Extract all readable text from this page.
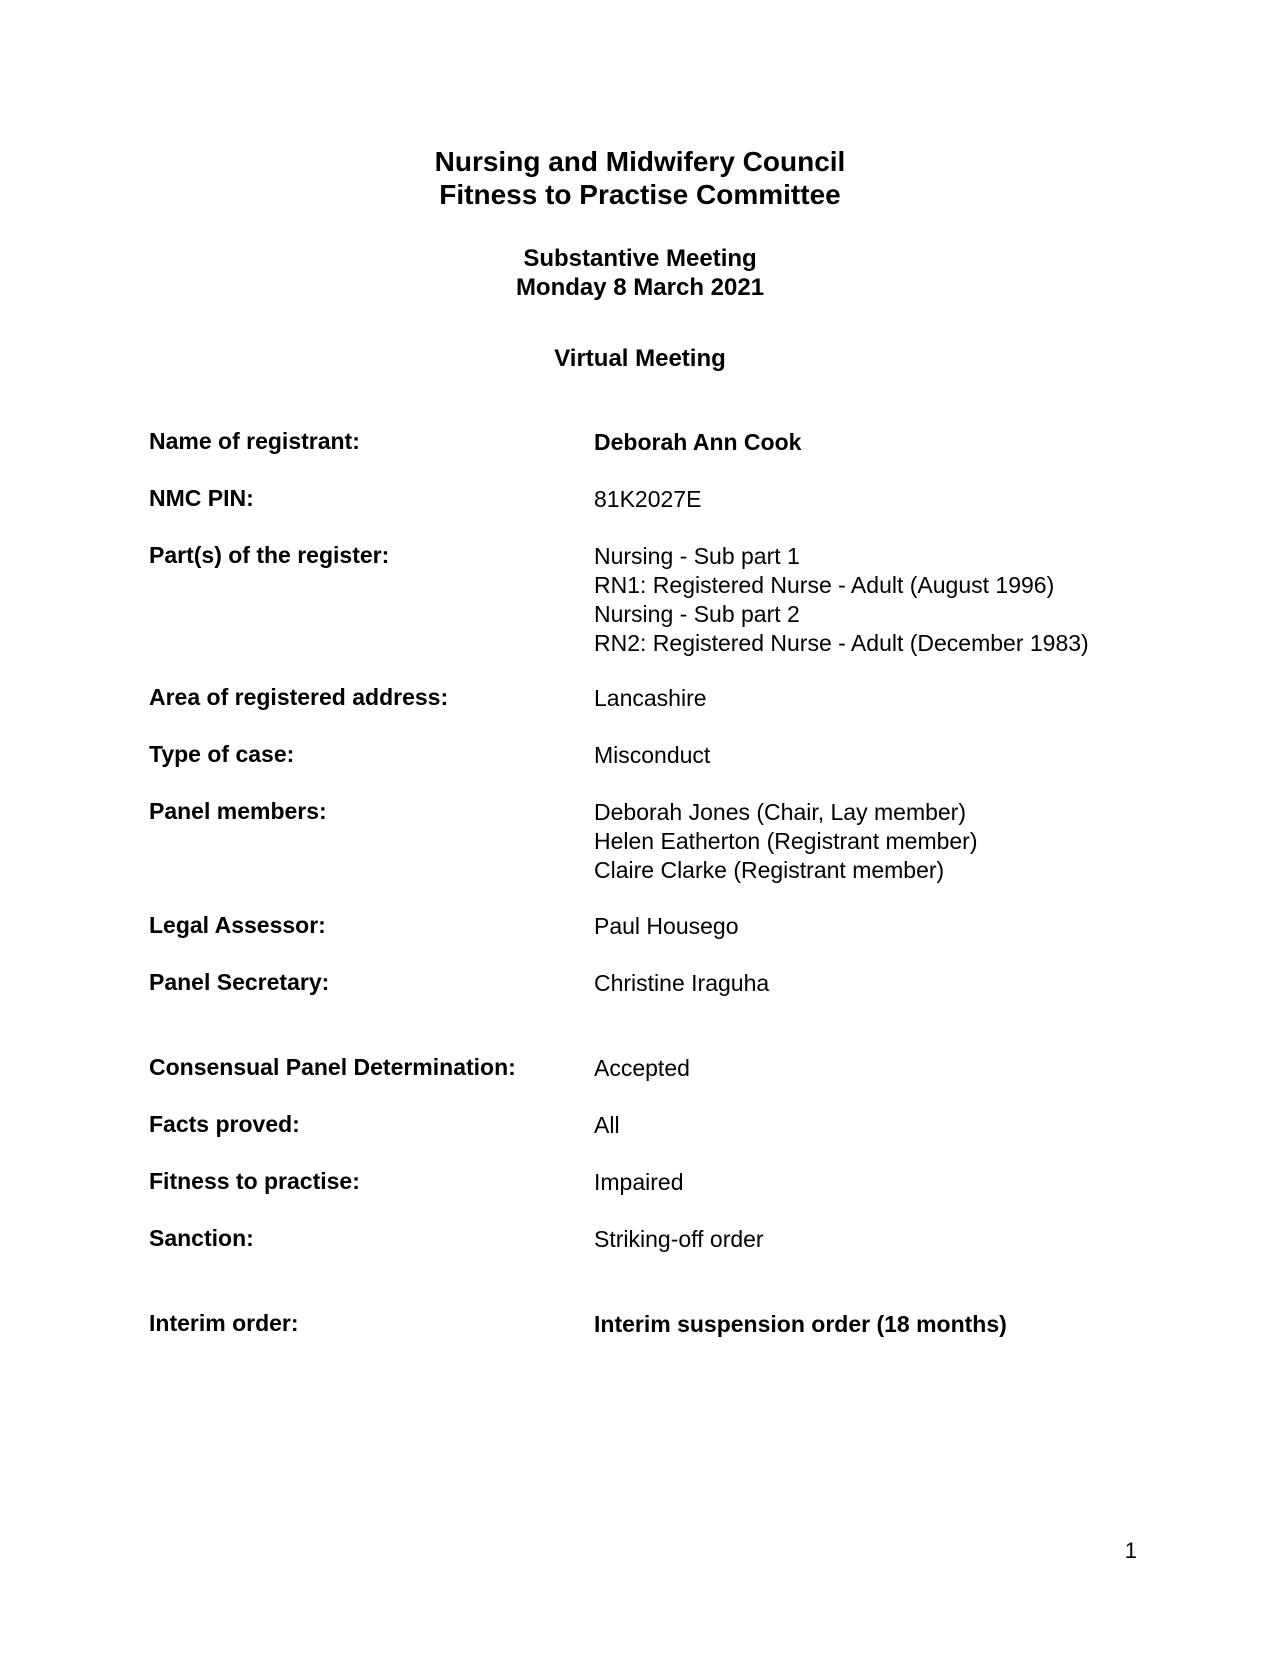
Nursing and Midwifery Council
Fitness to Practise Committee
Substantive Meeting
Monday 8 March 2021
Virtual Meeting
Name of registrant:	Deborah Ann Cook
NMC PIN:	81K2027E
Part(s) of the register:	Nursing - Sub part 1
RN1: Registered Nurse - Adult (August 1996)
Nursing - Sub part 2
RN2: Registered Nurse - Adult (December 1983)
Area of registered address:	Lancashire
Type of case:	Misconduct
Panel members:	Deborah Jones (Chair, Lay member)
Helen Eatherton (Registrant member)
Claire Clarke (Registrant member)
Legal Assessor:	Paul Housego
Panel Secretary:	Christine Iraguha
Consensual Panel Determination:	Accepted
Facts proved:	All
Fitness to practise:	Impaired
Sanction:	Striking-off order
Interim order:	Interim suspension order (18 months)
1
